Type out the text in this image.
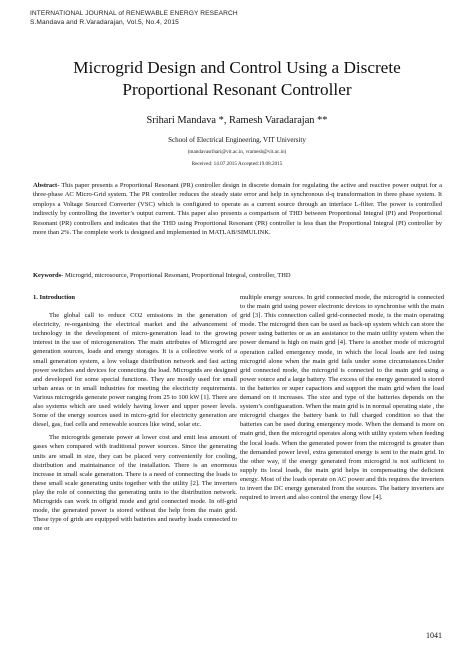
INTERNATIONAL JOURNAL of RENEWABLE ENERGY RESEARCH
S.Mandava and R.Varadarajan, Vol.5, No.4, 2015
Microgrid Design and Control Using a Discrete
Proportional Resonant Controller
Srihari Mandava *, Ramesh Varadarajan **
School of Electrical Engineering, VIT University
(mandavasrihari@vit.ac.in, vramesh@vit.ac.in)
Received: 14.07.2015 Accepted:19.08.2015
Abstract- This paper presents a Proportional Resonant (PR) controller design in discrete domain for regulating the active and reactive power output for a three-phase AC Micro-Grid system. The PR controller reduces the steady state error and help in synchronous d-q transformation in three phase system. It employs a Voltage Sourced Converter (VSC) which is configured to operate as a current source through an interface L-filter. The power is controlled indirectly by controlling the inverter’s output current. This paper also presents a comparison of THD between Proportional Integral (PI) and Proportional Resonant (PR) controllers and indicates that the THD using Proportional Resonant (PR) controller is less than the Proportional Integral (PI) controller by more than 2%. The complete work is designed and implemented in MATLAB/SIMULINK.
Keywords- Microgrid, microsource, Proportional Resonant, Proportional Integral, controller, THD
1. Introduction

The global call to reduce CO2 emissions in the generation of electricity, re-organising the electrical market and the advancement of technology in the development of micro-generation lead to the growing interest in the use of microgeneration. The main attributes of Microgrid are generation sources, loads and energy storages. It is a collective work of a small generation system, a low voltage distribution network and fast acting power switches and devices for connecting the load. Microgrids are designed and developed for some special functions. They are mostly used for small urban areas or in small industries for meeting the electricity requirements. Various microgrids generate power ranging from 25 to 100 kW [1]. There are also systems which are used widely having lower and upper power levels. Some of the energy sources used in micro-grid for electricity generation are diesel, gas, fuel cells and renewable sources like wind, solar etc.

The microgrids generate power at lower cost and emit less amount of gases when compared with traditional power sources. Since the generating units are small in size, they can be placed very conveniently for cooling, distribution and maintainance of the installation. There is an enormous increase in small scale generation. There is a need of connecting the loads to these small scale generating units together with the utility [2]. The inverters play the role of connecting the generating units to the distribution network. Microgrids can work in offgrid mode and grid connected mode. In off-grid mode, the generated power is stored without the help from the main grid. These type of grids are equipped with batteries and nearby loads connected to one or

multiple energy sources. In grid connected mode, the microgrid is connected to the main grid using power electronic devices to synchronise with the main grid [3]. This connection called grid-connected mode, is the main operating mode. The microgrid then can be used as back-up system which can store the power using batteries or as an assistance to the main utility system when the power demand is high on main grid [4]. There is another mode of microgrid operation called emergency mode, in which the local loads are fed using microgrid alone when the main grid fails under some circumstances.Under grid connected mode, the microgrid is connected to the main grid using a power source and a large battery. The excess of the energy generated is stored in the batteries or super capacitors and support the main grid when the load demand on it increases. The size and type of the batteries depends on the system’s configuaration. When the main grid is in normal operating state , the microgrid charges the battery bank to full charged condition so that the batteries can be used during emergency mode. When the demand is more on main grid, then the microgrid operates along with utility system when feeding the local loads. When the generated power from the microgrid is greater than the demanded power level, extra generated energy is sent to the main grid. In the other way, if the energy generated from microgrid is not sufficient to supply its local loads, the main grid helps in compensating the deficient energy. Most of the loads operate on AC power and this requires the inverters to invert the DC energy generated from the sources. The battery inverters are required to invert and also control the energy flow [4].

1041
